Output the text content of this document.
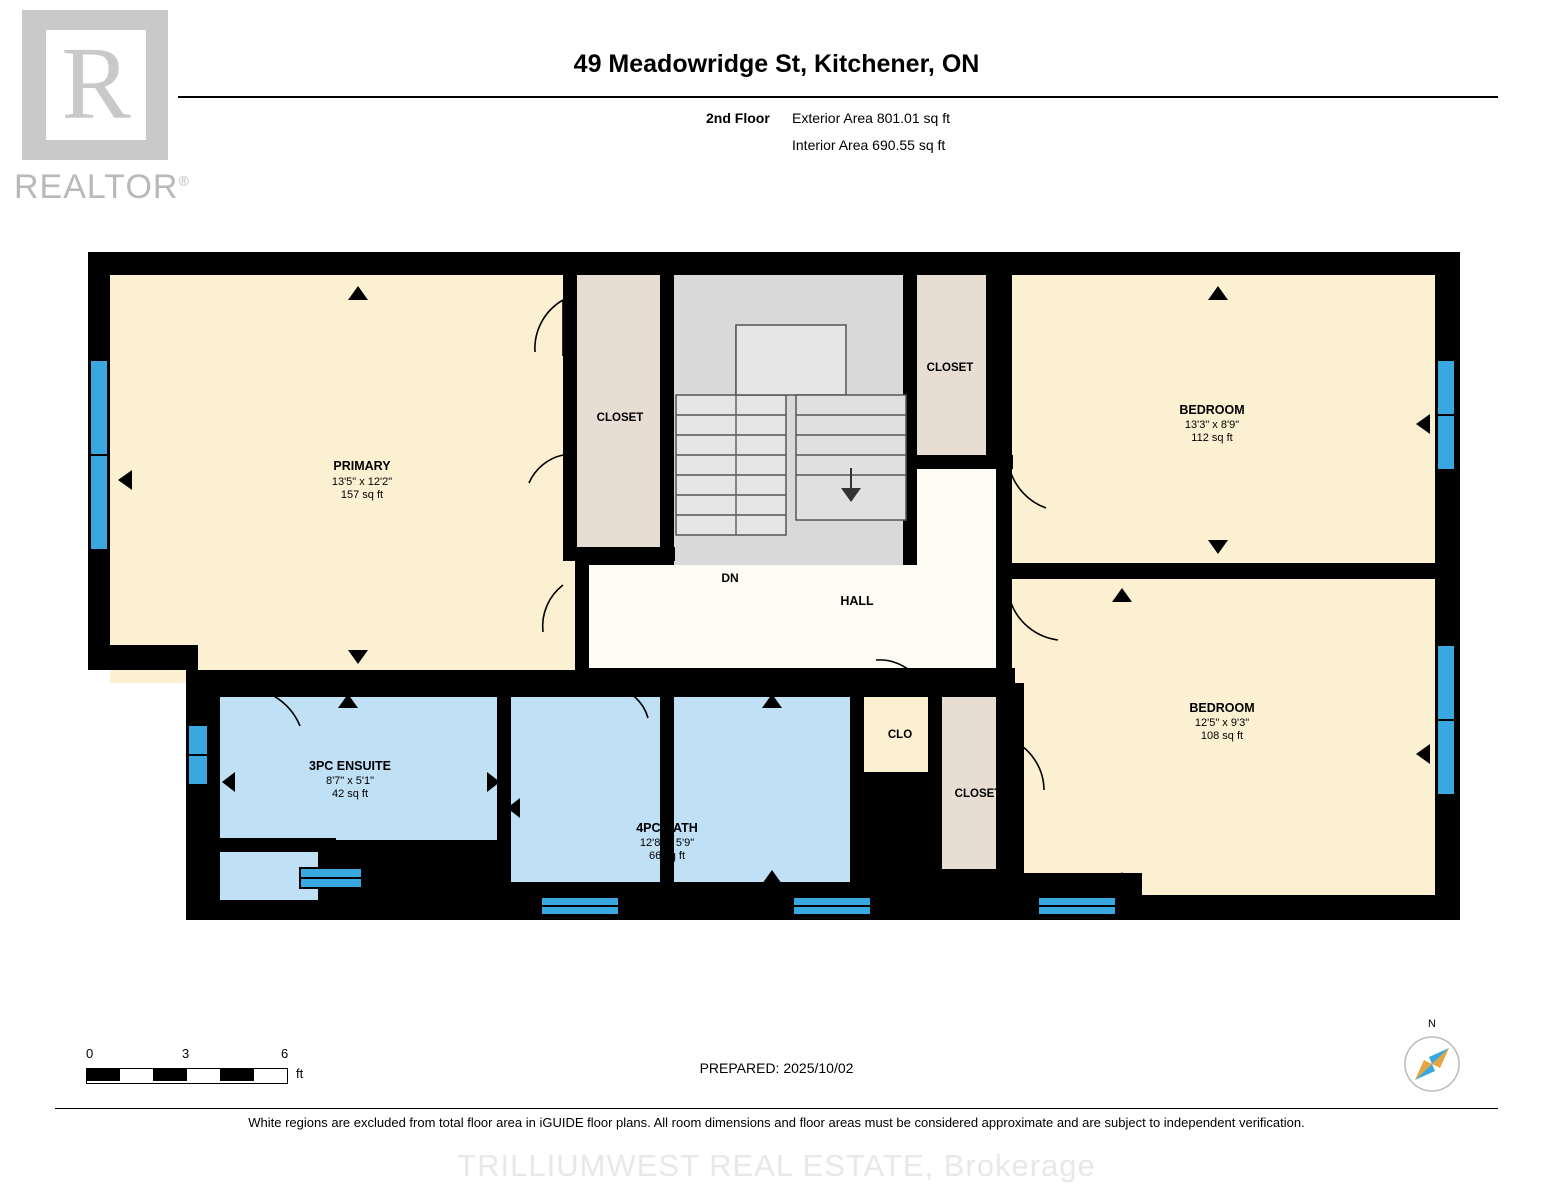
R
REALTOR®
49 Meadowridge St, Kitchener, ON
2nd Floor Exterior Area 801.01 sq ft
Interior Area 690.55 sq ft
PRIMARY
13'5" x 12'2"
157 sq ft
BEDROOM
13'3" x 8'9"
112 sq ft
BEDROOM
12'5" x 9'3"
108 sq ft
3PC ENSUITE
8'7" x 5'1"
42 sq ft
4PC BATH
12'8" x 5'9"
66 sq ft
CLOSET
CLOSET
CLOSET
CLO
HALL
DN
0	3	6
ft	PREPARED: 2025/10/02
N
White regions are excluded from total floor area in iGUIDE floor plans. All room dimensions and floor areas must be considered approximate and are subject to independent verification.
TRILLIUMWEST REAL ESTATE, Brokerage
